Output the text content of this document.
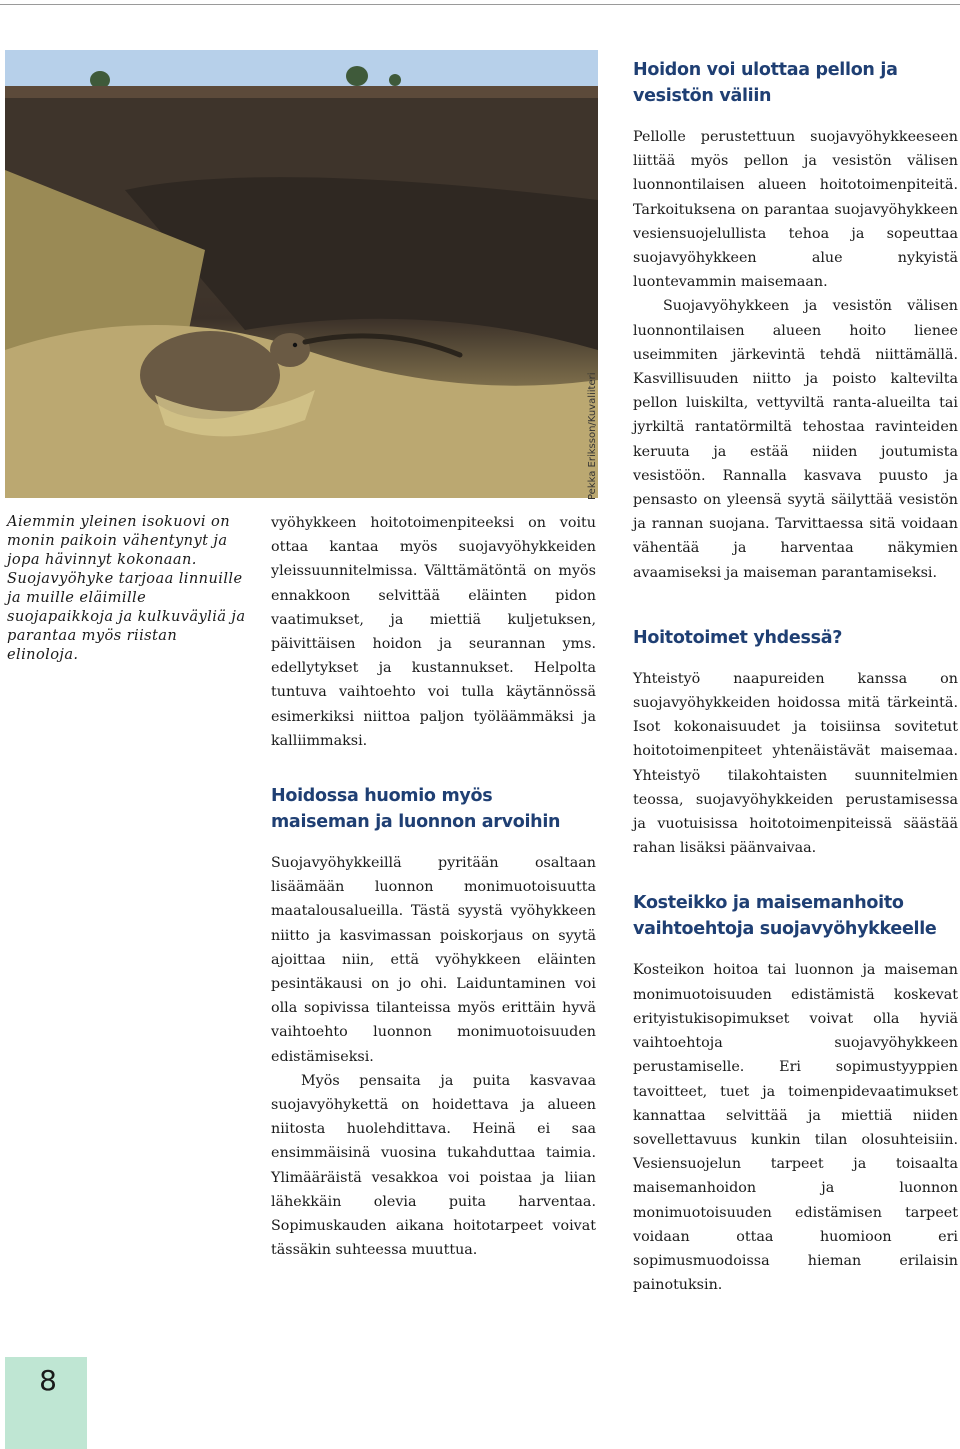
Pekka Eriksson/Kuvaliiteri
Aiemmin yleinen isokuovi on monin paikoin vähentynyt ja jopa hävinnyt kokonaan. Suojavyöhyke tarjoaa linnuille ja muille eläimille suojapaikkoja ja kulkuväyliä ja parantaa myös riistan elinoloja.

vyöhykkeen hoitotoimenpiteeksi on voitu ottaa kantaa myös suojavyöhykkeiden yleissuunnitelmissa. Välttämätöntä on myös ennakkoon selvittää eläinten pidon vaatimukset, ja miettiä kuljetuksen, päivittäisen hoidon ja seurannan yms. edellytykset ja kustannukset. Helpolta tuntuva vaihtoehto voi tulla käytännössä esimerkiksi niittoa paljon työläämmäksi ja kalliimmaksi.

Hoidossa huomio myös maiseman ja luonnon arvoihin

Suojavyöhykkeillä pyritään osaltaan lisäämään luonnon monimuotoisuutta maatalousalueilla. Tästä syystä vyöhykkeen niitto ja kasvimassan poiskorjaus on syytä ajoittaa niin, että vyöhykkeen eläinten pesintäkausi on jo ohi. Laiduntaminen voi olla sopivissa tilanteissa myös erittäin hyvä vaihtoehto luonnon monimuotoisuuden edistämiseksi.

Myös pensaita ja puita kasvavaa suojavyöhykettä on hoidettava ja alueen niitosta huolehdittava. Heinä ei saa ensimmäisinä vuosina tukahduttaa taimia. Ylimääräistä vesakkoa voi poistaa ja liian lähekkäin olevia puita harventaa. Sopimuskauden aikana hoitotarpeet voivat tässäkin suhteessa muuttua.

Hoidon voi ulottaa pellon ja vesistön väliin

Pellolle perustettuun suojavyöhykkeeseen liittää myös pellon ja vesistön välisen luonnontilaisen alueen hoitotoimenpiteitä. Tarkoituksena on parantaa suojavyöhykkeen vesiensuojelullista tehoa ja sopeuttaa suojavyöhykkeen alue nykyistä luontevammin maisemaan.

Suojavyöhykkeen ja vesistön välisen luonnontilaisen alueen hoito lienee useimmiten järkevintä tehdä niittämällä. Kasvillisuuden niitto ja poisto kaltevilta pellon luiskilta, vettyviltä ranta-alueilta tai jyrkiltä rantatörmiltä tehostaa ravinteiden keruuta ja estää niiden joutumista vesistöön. Rannalla kasvava puusto ja pensasto on yleensä syytä säilyttää vesistön ja rannan suojana. Tarvittaessa sitä voidaan vähentää ja harventaa näkymien avaamiseksi ja maiseman parantamiseksi.

Hoitotoimet yhdessä?

Yhteistyö naapureiden kanssa on suojavyöhykkeiden hoidossa mitä tärkeintä. Isot kokonaisuudet ja toisiinsa sovitetut hoitotoimenpiteet yhtenäistävät maisemaa. Yhteistyö tilakohtaisten suunnitelmien teossa, suojavyöhykkeiden perustamisessa ja vuotuisissa hoitotoimenpiteissä säästää rahan lisäksi päänvaivaa.

Kosteikko ja maisemanhoito vaihtoehtoja suojavyöhykkeelle

Kosteikon hoitoa tai luonnon ja maiseman monimuotoisuuden edistämistä koskevat erityistukisopimukset voivat olla hyviä vaihtoehtoja suojavyöhykkeen perustamiselle. Eri sopimustyyppien tavoitteet, tuet ja toimenpidevaatimukset kannattaa selvittää ja miettiä niiden sovellettavuus kunkin tilan olosuhteisiin. Vesiensuojelun tarpeet ja toisaalta maisemanhoidon ja luonnon monimuotoisuuden edistämisen tarpeet voidaan ottaa huomioon eri sopimusmuodoissa hieman erilaisin painotuksin.

8
